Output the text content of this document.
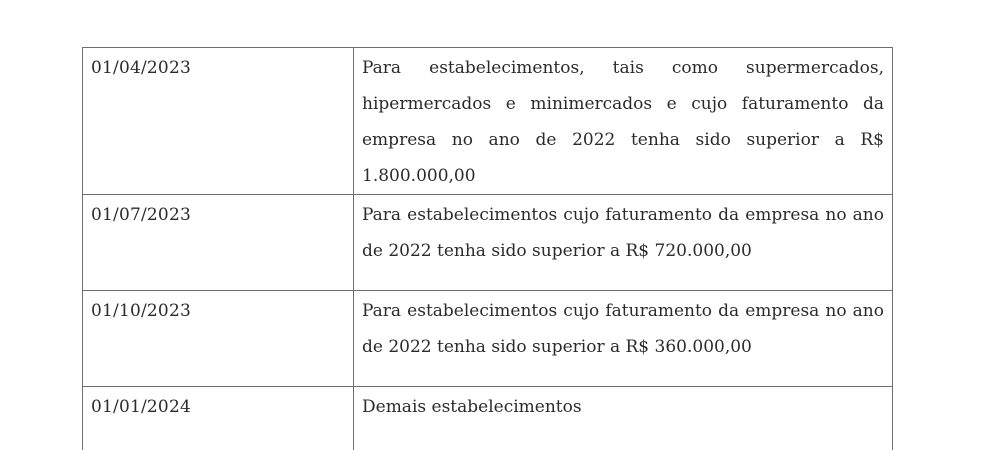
01/04/2023	Para estabelecimentos, tais como supermercados, hipermercados e minimercados e cujo faturamento da empresa no ano de 2022 tenha sido superior a R$ 1.800.000,00
01/07/2023	Para estabelecimentos cujo faturamento da empresa no ano de 2022 tenha sido superior a R$ 720.000,00
01/10/2023	Para estabelecimentos cujo faturamento da empresa no ano de 2022 tenha sido superior a R$ 360.000,00
01/01/2024	Demais estabelecimentos
